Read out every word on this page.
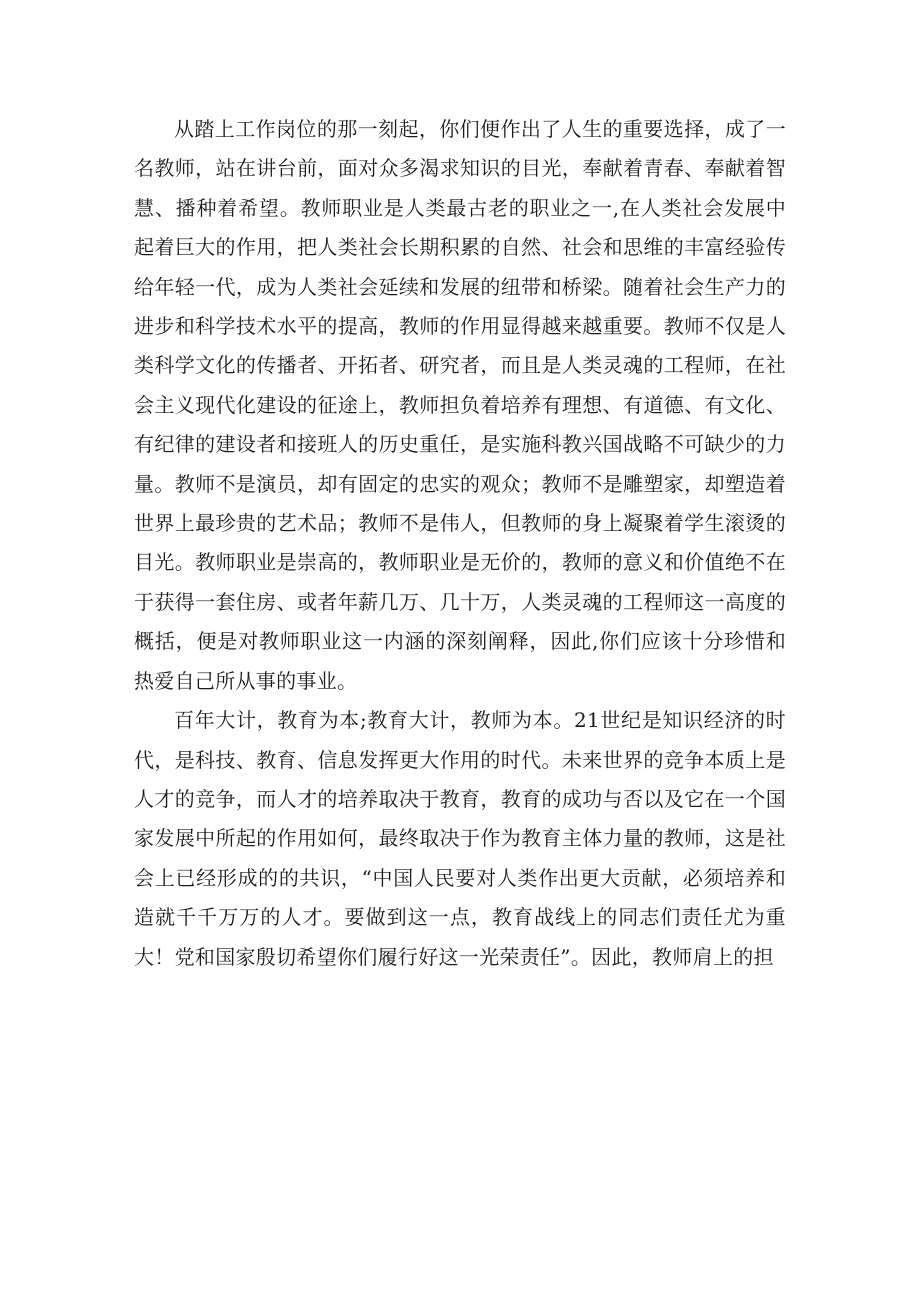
从踏上工作岗位的那一刻起，你们便作出了人生的重要选择，成了一名教师，站在讲台前，面对众多渴求知识的目光，奉献着青春、奉献着智慧、播种着希望。教师职业是人类最古老的职业之一,在人类社会发展中起着巨大的作用，把人类社会长期积累的自然、社会和思维的丰富经验传给年轻一代，成为人类社会延续和发展的纽带和桥梁。随着社会生产力的进步和科学技术水平的提高，教师的作用显得越来越重要。教师不仅是人类科学文化的传播者、开拓者、研究者，而且是人类灵魂的工程师，在社会主义现代化建设的征途上，教师担负着培养有理想、有道德、有文化、有纪律的建设者和接班人的历史重任，是实施科教兴国战略不可缺少的力量。教师不是演员，却有固定的忠实的观众；教师不是雕塑家，却塑造着世界上最珍贵的艺术品；教师不是伟人，但教师的身上凝聚着学生滚烫的目光。教师职业是崇高的，教师职业是无价的，教师的意义和价值绝不在于获得一套住房、或者年薪几万、几十万，人类灵魂的工程师这一高度的概括，便是对教师职业这一内涵的深刻阐释，因此,你们应该十分珍惜和热爱自己所从事的事业。

百年大计，教育为本;教育大计，教师为本。21世纪是知识经济的时代，是科技、教育、信息发挥更大作用的时代。未来世界的竞争本质上是人才的竞争，而人才的培养取决于教育，教育的成功与否以及它在一个国家发展中所起的作用如何，最终取决于作为教育主体力量的教师，这是社会上已经形成的的共识，“中国人民要对人类作出更大贡献，必须培养和造就千千万万的人才。要做到这一点，教育战线上的同志们责任尤为重大！党和国家殷切希望你们履行好这一光荣责任”。因此，教师肩上的担
